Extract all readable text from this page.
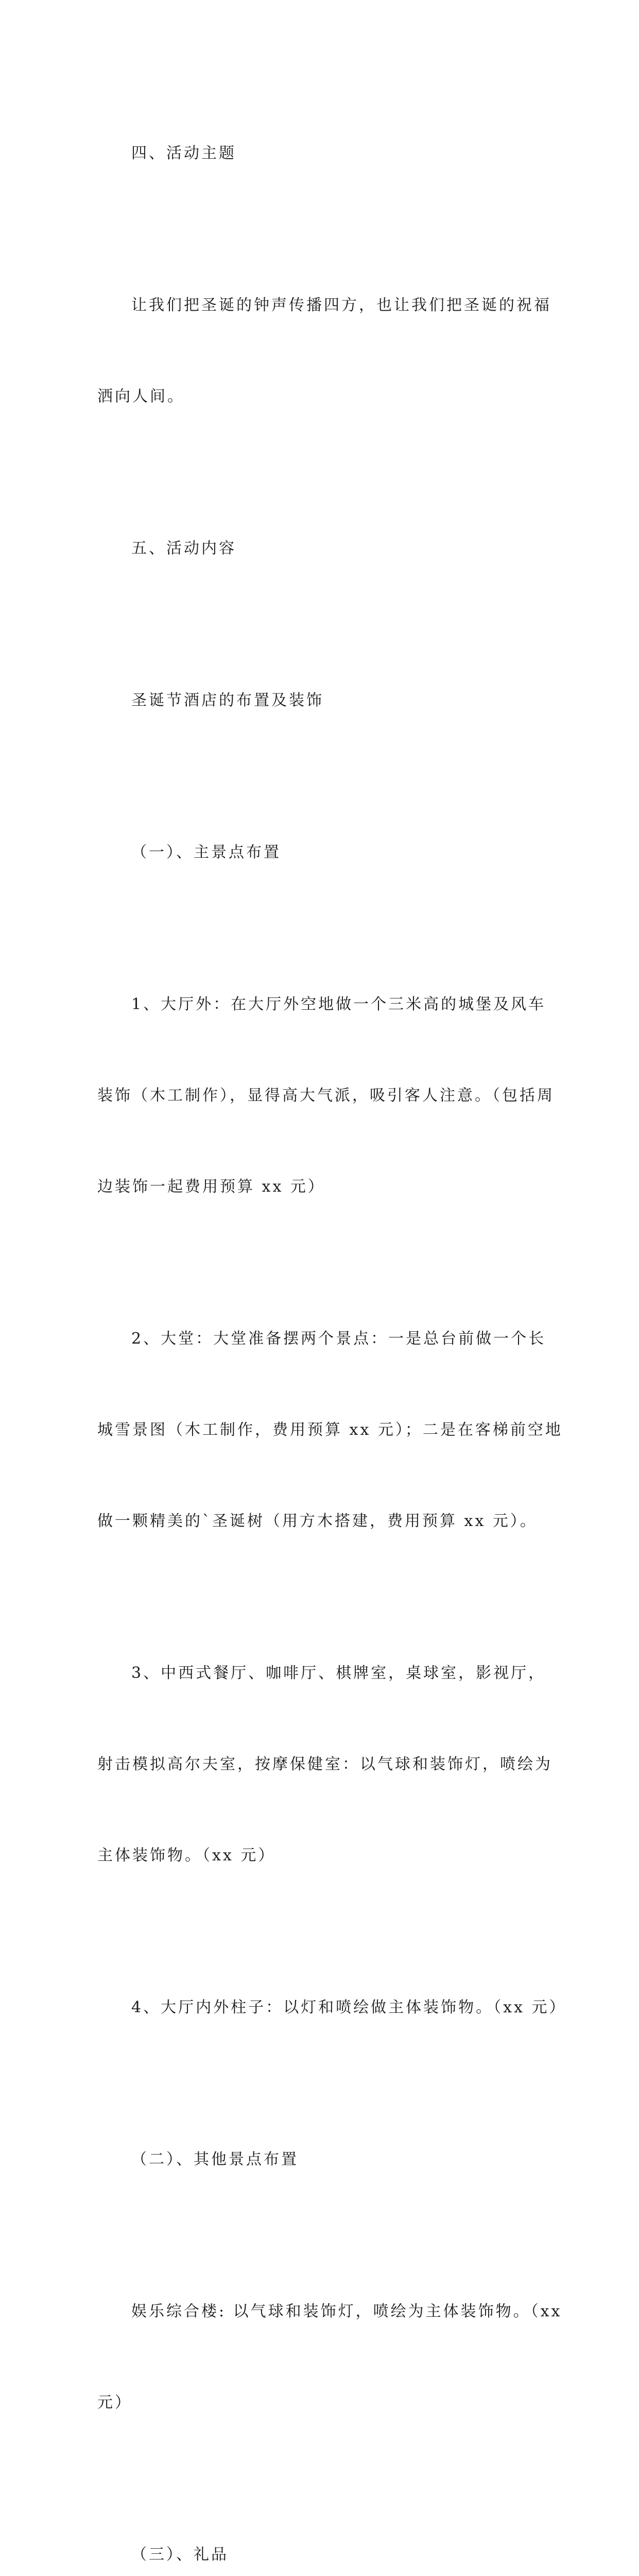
四、活动主题

让我们把圣诞的钟声传播四方，也让我们把圣诞的祝福

洒向人间。

五、活动内容

圣诞节酒店的布置及装饰

（一）、主景点布置

1、大厅外：在大厅外空地做一个三米高的城堡及风车

装饰（木工制作），显得高大气派，吸引客人注意。（包括周

边装饰一起费用预算 xx 元）

2、大堂：大堂准备摆两个景点：一是总台前做一个长

城雪景图（木工制作，费用预算 xx 元）；二是在客梯前空地

做一颗精美的`圣诞树（用方木搭建，费用预算 xx 元）。

3、中西式餐厅、咖啡厅、棋牌室，桌球室，影视厅，

射击模拟高尔夫室，按摩保健室：以气球和装饰灯，喷绘为

主体装饰物。（xx 元）

4、大厅内外柱子：以灯和喷绘做主体装饰物。（xx 元）

（二）、其他景点布置

娱乐综合楼: 以气球和装饰灯，喷绘为主体装饰物。（xx

元）

（三）、礼品
